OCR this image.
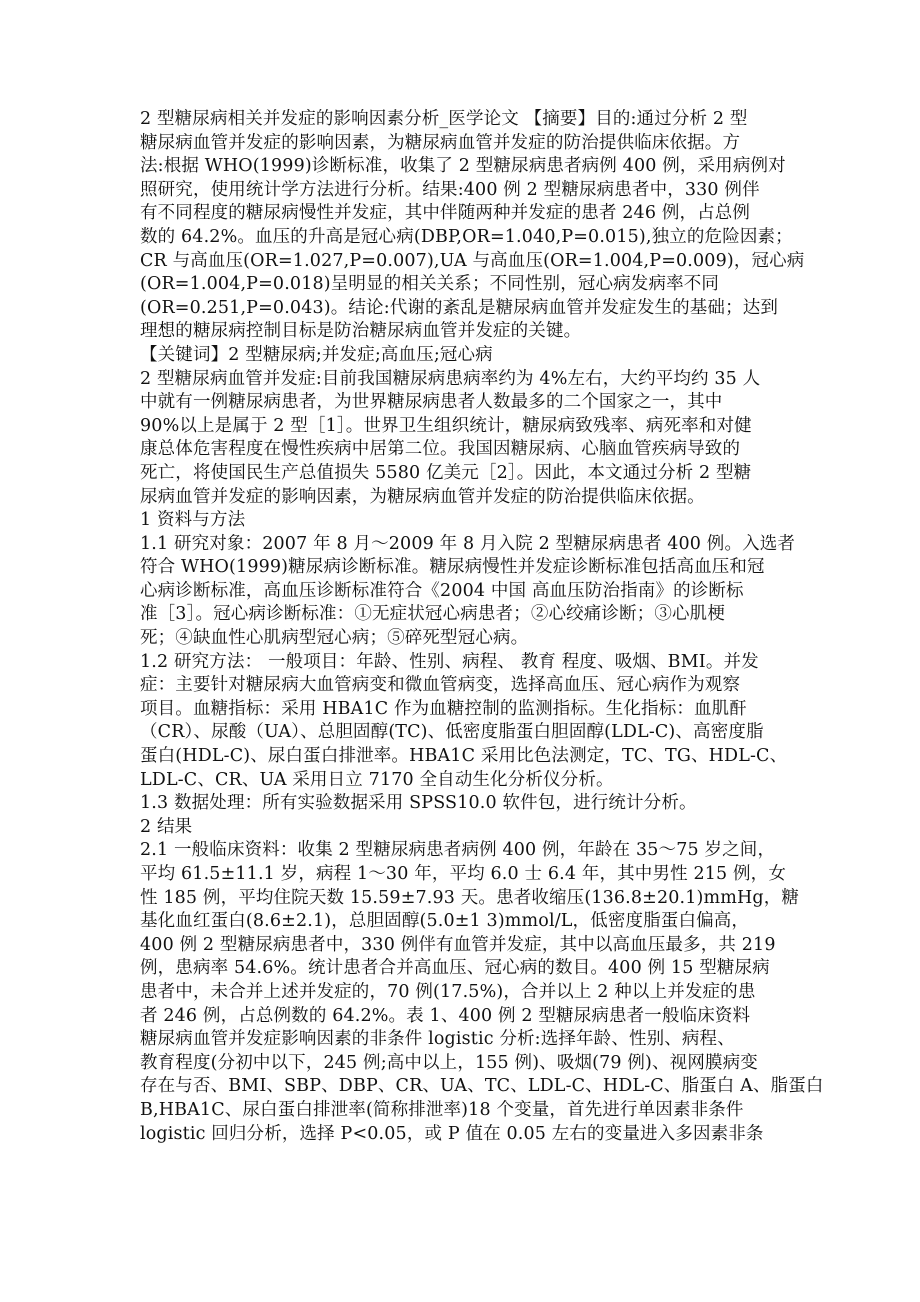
2 型糖尿病相关并发症的影响因素分析_医学论文 【摘要】目的:通过分析 2 型
糖尿病血管并发症的影响因素，为糖尿病血管并发症的防治提供临床依据。方
法:根据 WHO(1999)诊断标准，收集了 2 型糖尿病患者病例 400 例，采用病例对
照研究，使用统计学方法进行分析。结果:400 例 2 型糖尿病患者中，330 例伴
有不同程度的糖尿病慢性并发症，其中伴随两种并发症的患者 246 例，占总例
数的 64.2%。血压的升高是冠心病(DBP,OR=1.040,P=0.015),独立的危险因素；
CR 与高血压(OR=1.027,P=0.007),UA 与高血压(OR=1.004,P=0.009)，冠心病
(OR=1.004,P=0.018)呈明显的相关关系；不同性别，冠心病发病率不同
(OR=0.251,P=0.043)。结论:代谢的紊乱是糖尿病血管并发症发生的基础；达到
理想的糖尿病控制目标是防治糖尿病血管并发症的关键。
【关键词】2 型糖尿病;并发症;高血压;冠心病
2 型糖尿病血管并发症:目前我国糖尿病患病率约为 4%左右，大约平均约 35 人
中就有一例糖尿病患者，为世界糖尿病患者人数最多的二个国家之一，其中
90%以上是属于 2 型［1］。世界卫生组织统计，糖尿病致残率、病死率和对健
康总体危害程度在慢性疾病中居第二位。我国因糖尿病、心脑血管疾病导致的
死亡，将使国民生产总值损失 5580 亿美元［2］。因此，本文通过分析 2 型糖
尿病血管并发症的影响因素，为糖尿病血管并发症的防治提供临床依据。
1 资料与方法
1.1 研究对象：2007 年 8 月～2009 年 8 月入院 2 型糖尿病患者 400 例。入选者
符合 WHO(1999)糖尿病诊断标准。糖尿病慢性并发症诊断标准包括高血压和冠
心病诊断标准，高血压诊断标准符合《2004 中国 高血压防治指南》的诊断标
准［3］。冠心病诊断标准：①无症状冠心病患者；②心绞痛诊断；③心肌梗
死；④缺血性心肌病型冠心病；⑤碎死型冠心病。
1.2 研究方法： 一般项目：年龄、性别、病程、 教育 程度、吸烟、BMI。并发
症：主要针对糖尿病大血管病变和微血管病变，选择高血压、冠心病作为观察
项目。血糖指标：采用 HBA1C 作为血糖控制的监测指标。生化指标：血肌酐
（CR）、尿酸（UA）、总胆固醇(TC)、低密度脂蛋白胆固醇(LDL-C)、高密度脂
蛋白(HDL-C)、尿白蛋白排泄率。HBA1C 采用比色法测定，TC、TG、HDL-C、
LDL-C、CR、UA 采用日立 7170 全自动生化分析仪分析。
1.3 数据处理：所有实验数据采用 SPSS10.0 软件包，进行统计分析。
2 结果
2.1 一般临床资料：收集 2 型糖尿病患者病例 400 例，年龄在 35～75 岁之间，
平均 61.5±11.1 岁，病程 1～30 年，平均 6.0 士 6.4 年，其中男性 215 例，女
性 185 例，平均住院天数 15.59±7.93 天。患者收缩压(136.8±20.1)mmHg，糖
基化血红蛋白(8.6±2.1)，总胆固醇(5.0±1 3)mmol/L，低密度脂蛋白偏高，
400 例 2 型糖尿病患者中，330 例伴有血管并发症，其中以高血压最多，共 219
例，患病率 54.6%。统计患者合并高血压、冠心病的数目。400 例 15 型糖尿病
患者中，未合并上述并发症的，70 例(17.5%)，合并以上 2 种以上并发症的患
者 246 例，占总例数的 64.2%。表 1、400 例 2 型糖尿病患者一般临床资料
糖尿病血管并发症影响因素的非条件 logistic 分析:选择年龄、性别、病程、
教育程度(分初中以下，245 例;高中以上，155 例)、吸烟(79 例)、视网膜病变
存在与否、BMI、SBP、DBP、CR、UA、TC、LDL-C、HDL-C、脂蛋白 A、脂蛋白
B,HBA1C、尿白蛋白排泄率(简称排泄率)18 个变量，首先进行单因素非条件
logistic 回归分析，选择 P<0.05，或 P 值在 0.05 左右的变量进入多因素非条
